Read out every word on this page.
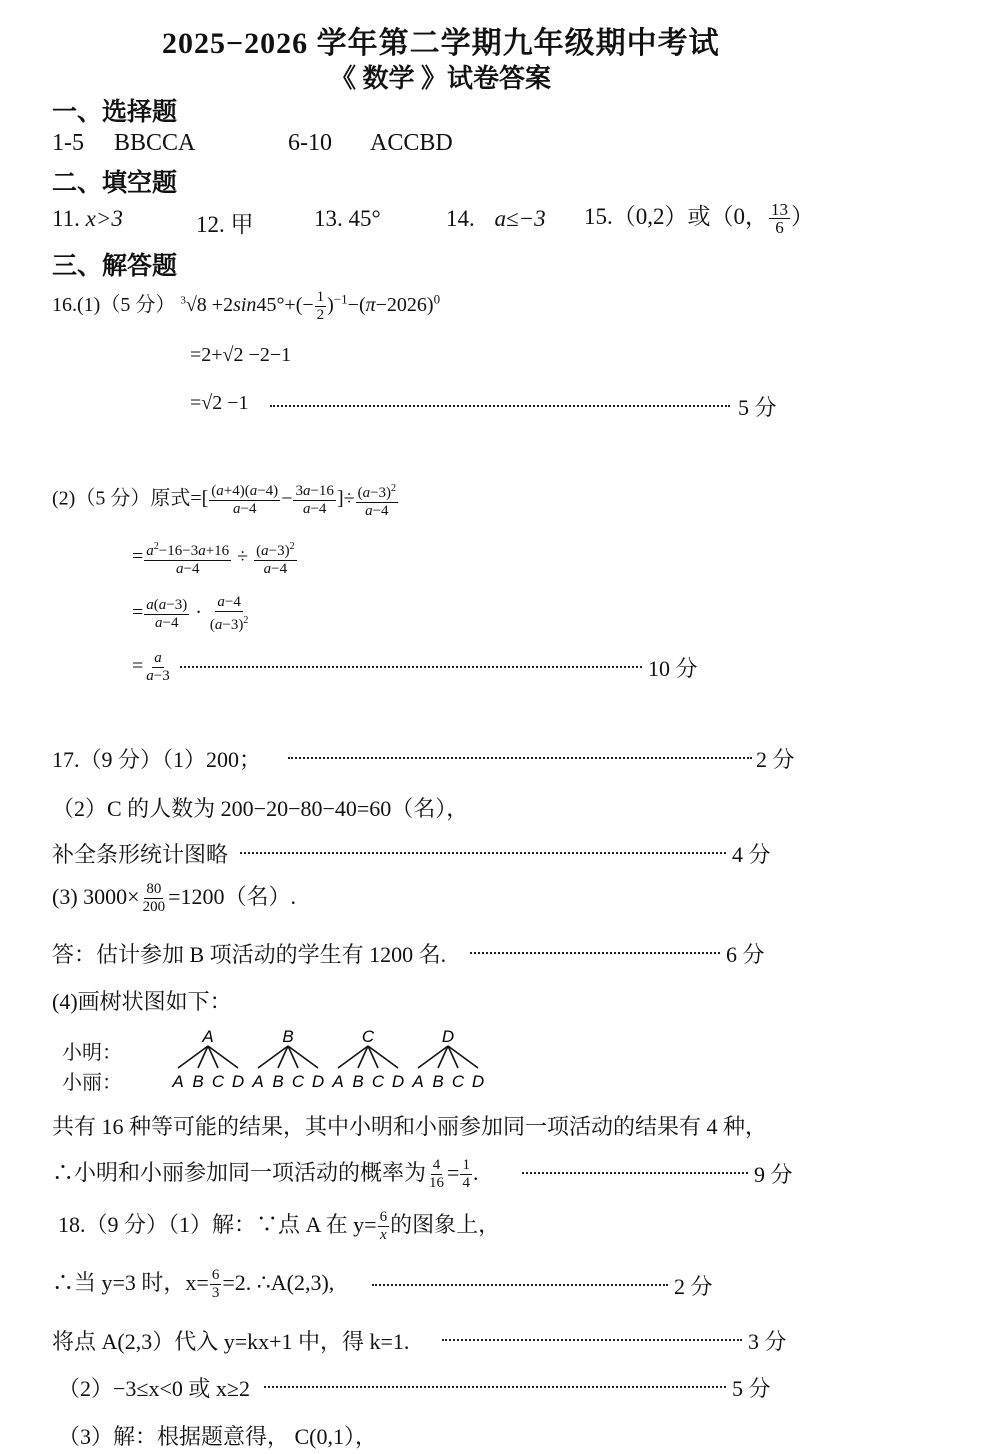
2025−2026 学年第二学期九年级期中考试
《 数学 》试卷答案
一、选择题
1-5 BBCCA	6-10 ACCBD
二、填空题
11. x>3	12. 甲	13. 45°	14. a≤−3 15.（0,2）或（0， $\frac{13}{6}$ ）
三、解答题
16.(1)（5 分） $^3√8 +2\sin 45^\circ+(- \frac{1}{2} )^{-1}-(\pi-2026)^0$
=2+√2 −2−1
=√2 −1	5 分
(2)（5 分）原式=[ $\frac{(a+4)(a-4)}{a-4} - \frac{3a-16}{a-4}$ ]÷ $\frac{(a-3)^2}{a-4}$
= $\frac{a^2-16-3a+16}{a-4} \div \frac{(a-3)^2}{a-4}$
= $\frac{a(a-3)}{a-4} \cdot \frac{a-4}{(a-3)^2}$
= $\frac{a}{a-3}$	10 分
17.（9 分）（1）200；	2 分
（2）C 的人数为 200−20−80−40=60（名），
补全条形统计图略	4 分
(3) $3000\times \frac{80}{200} =1200$（名）.
答：估计参加 B 项活动的学生有 1200 名.	6 分
(4)画树状图如下：
小明：
小丽：
A
A B C D
B
A B C D
C
A B C D
D
A B C D
共有 16 种等可能的结果，其中小明和小丽参加同一项活动的结果有 4 种，
∴小明和小丽参加同一项活动的概率为 $\frac{4}{16} = \frac{1}{4}$ .	9 分
18.（9 分）（1）解：∵点 A 在 $y= \frac{6}{x}$ 的图象上，
∴当 y=3 时，$x= \frac{6}{3} =2$. ∴A(2,3),	2 分
将点 A(2,3）代入 y=kx+1 中，得 k=1.	3 分
（2）−3≤x<0 或 x≥2	5 分
（3）解：根据题意得， C(0,1），
